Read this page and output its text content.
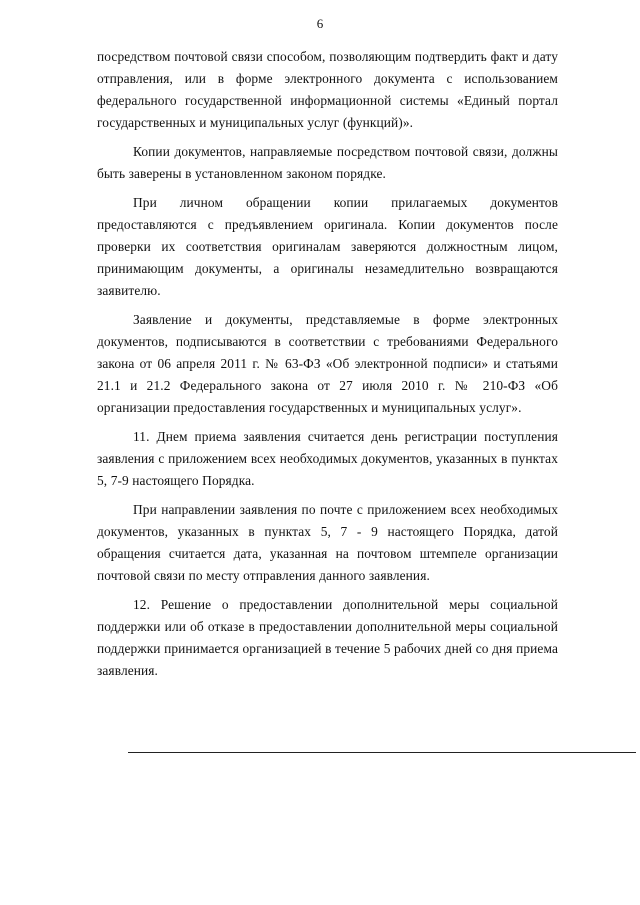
6

посредством почтовой связи способом, позволяющим подтвердить факт и дату отправления, или в форме электронного документа с использованием федерального государственной информационной системы «Единый портал государственных и муниципальных услуг (функций)».

Копии документов, направляемые посредством почтовой связи, должны быть заверены в установленном законом порядке.

При личном обращении копии прилагаемых документов предоставляются с предъявлением оригинала. Копии документов после проверки их соответствия оригиналам заверяются должностным лицом, принимающим документы, а оригиналы незамедлительно возвращаются заявителю.

Заявление и документы, представляемые в форме электронных документов, подписываются в соответствии с требованиями Федерального закона от 06 апреля 2011 г. № 63-ФЗ «Об электронной подписи» и статьями 21.1 и 21.2 Федерального закона от 27 июля 2010 г. № 210-ФЗ «Об организации предоставления государственных и муниципальных услуг».

11. Днем приема заявления считается день регистрации поступления заявления с приложением всех необходимых документов, указанных в пунктах 5, 7-9 настоящего Порядка.

При направлении заявления по почте с приложением всех необходимых документов, указанных в пунктах 5, 7 - 9 настоящего Порядка, датой обращения считается дата, указанная на почтовом штемпеле организации почтовой связи по месту отправления данного заявления.

12. Решение о предоставлении дополнительной меры социальной поддержки или об отказе в предоставлении дополнительной меры социальной поддержки принимается организацией в течение 5 рабочих дней со дня приема заявления.
